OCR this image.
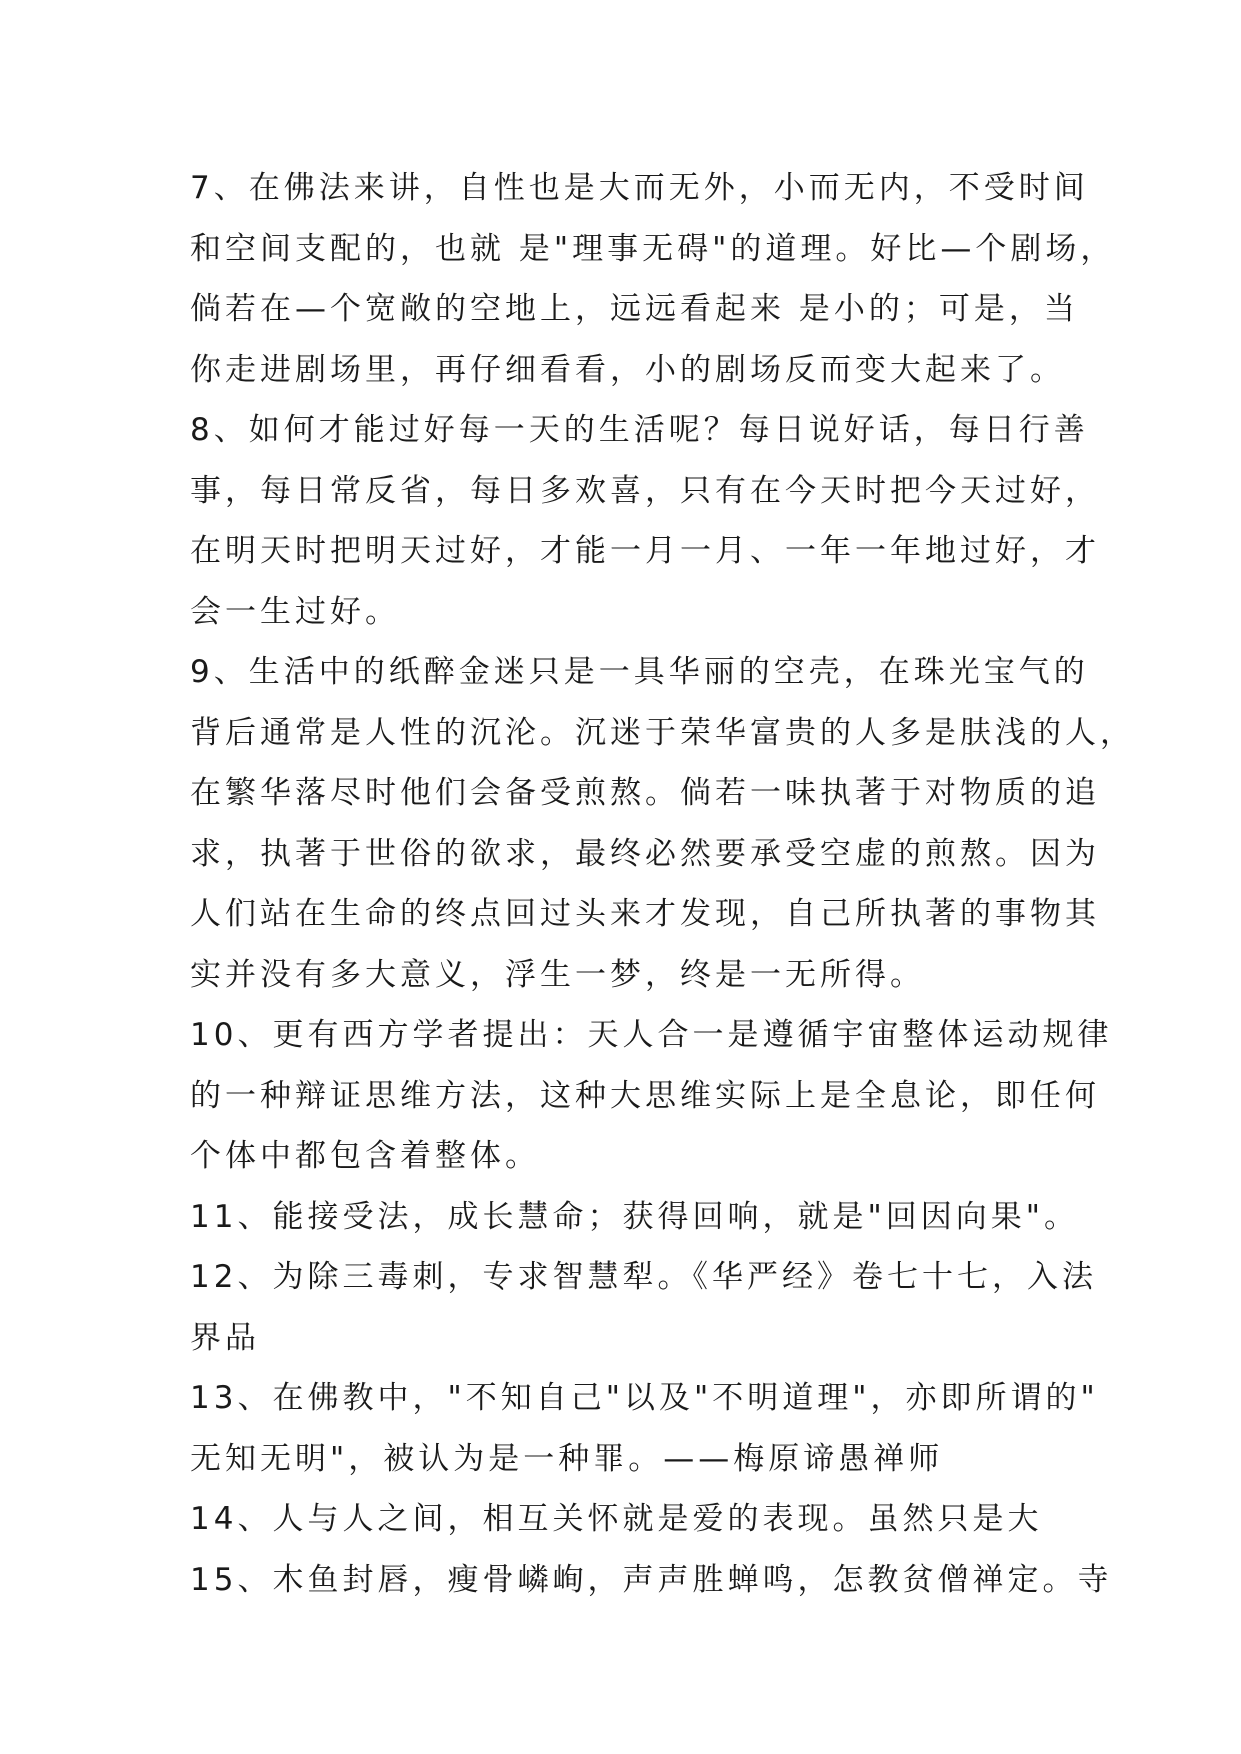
7、在佛法来讲，自性也是大而无外，小而无内，不受时间
和空间支配的，也就 是"理事无碍"的道理。好比—个剧场，
倘若在—个宽敞的空地上，远远看起来 是小的；可是，当
你走进剧场里，再仔细看看，小的剧场反而变大起来了。
8、如何才能过好每一天的生活呢？每日说好话，每日行善
事，每日常反省，每日多欢喜，只有在今天时把今天过好，
在明天时把明天过好，才能一月一月、一年一年地过好，才
会一生过好。
9、生活中的纸醉金迷只是一具华丽的空壳，在珠光宝气的
背后通常是人性的沉沦。沉迷于荣华富贵的人多是肤浅的人，
在繁华落尽时他们会备受煎熬。倘若一味执著于对物质的追
求，执著于世俗的欲求，最终必然要承受空虚的煎熬。因为
人们站在生命的终点回过头来才发现，自己所执著的事物其
实并没有多大意义，浮生一梦，终是一无所得。
10、更有西方学者提出：天人合一是遵循宇宙整体运动规律
的一种辩证思维方法，这种大思维实际上是全息论，即任何
个体中都包含着整体。
11、能接受法，成长慧命；获得回响，就是"回因向果"。
12、为除三毒刺，专求智慧犁。《华严经》卷七十七，入法
界品
13、在佛教中，"不知自己"以及"不明道理"，亦即所谓的"
无知无明"，被认为是一种罪。——梅原谛愚禅师
14、人与人之间，相互关怀就是爱的表现。虽然只是大
15、木鱼封唇，瘦骨嶙峋，声声胜蝉鸣，怎教贫僧禅定。寺
